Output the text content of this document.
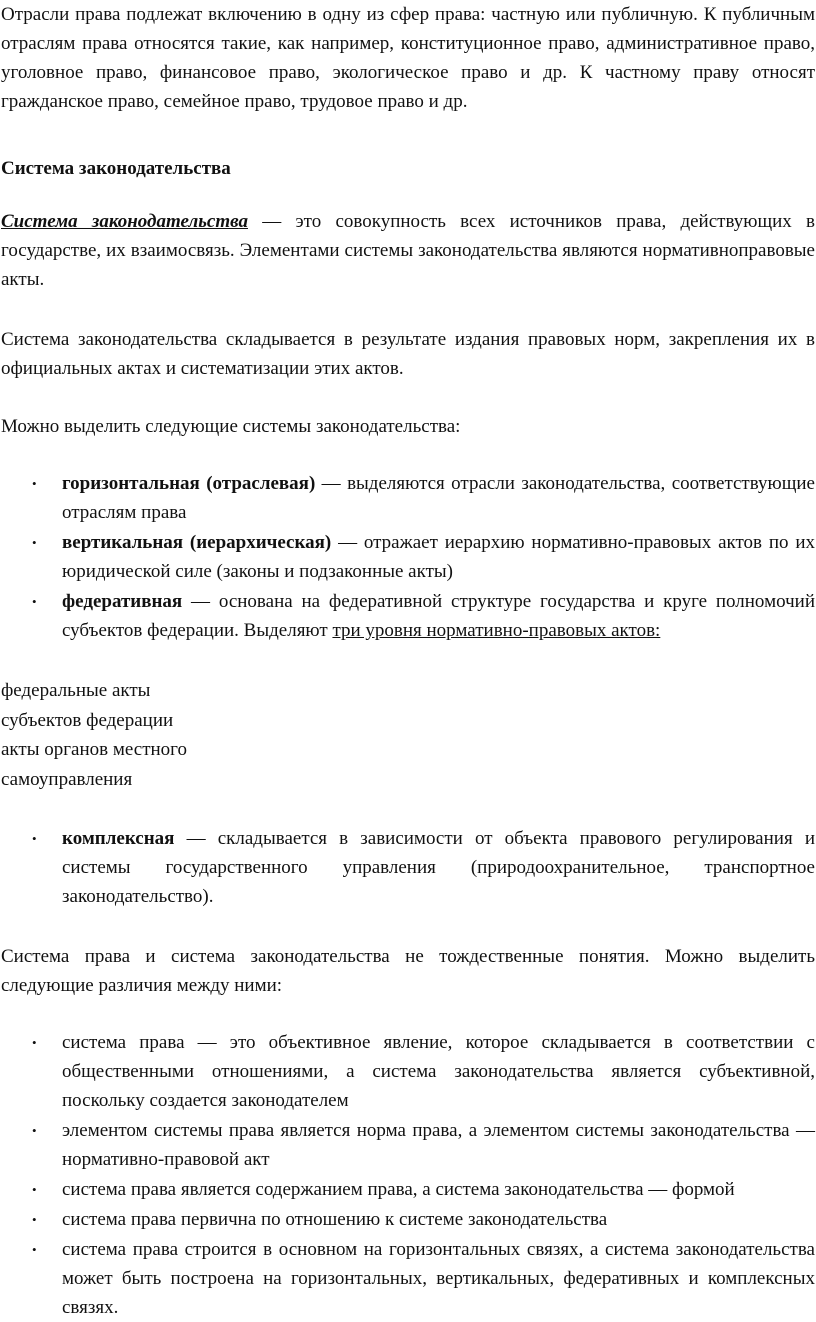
Отрасли права подлежат включению в одну из сфер права: частную или публичную. К публичным отраслям права относятся такие, как например, конституционное право, административное право, уголовное право, финансовое право, экологическое право и др. К частному праву относят гражданское право, семейное право, трудовое право и др.

Система законодательства

Система законодательства — это совокупность всех источников права, действующих в государстве, их взаимосвязь. Элементами системы законодательства являются нормативноправовые акты.

Система законодательства складывается в результате издания правовых норм, закрепления их в официальных актах и систематизации этих актов.

Можно выделить следующие системы законодательства:

• горизонтальная (отраслевая) — выделяются отрасли законодательства, соответствующие отраслям права
• вертикальная (иерархическая) — отражает иерархию нормативно-правовых актов по их юридической силе (законы и подзаконные акты)
• федеративная — основана на федеративной структуре государства и круге полномочий субъектов федерации. Выделяют три уровня нормативно-правовых актов:
федеральные акты
субъектов федерации
акты органов местного
самоуправления
• комплексная — складывается в зависимости от объекта правового регулирования и системы государственного управления (природоохранительное, транспортное законодательство).

Система права и система законодательства не тождественные понятия. Можно выделить следующие различия между ними:

• система права — это объективное явление, которое складывается в соответствии с общественными отношениями, а система законодательства является субъективной, поскольку создается законодателем
• элементом системы права является норма права, а элементом системы законодательства — нормативно-правовой акт
• система права является содержанием права, а система законодательства — формой
• система права первична по отношению к системе законодательства
• система права строится в основном на горизонтальных связях, а система законодательства может быть построена на горизонтальных, вертикальных, федеративных и комплексных связях.
